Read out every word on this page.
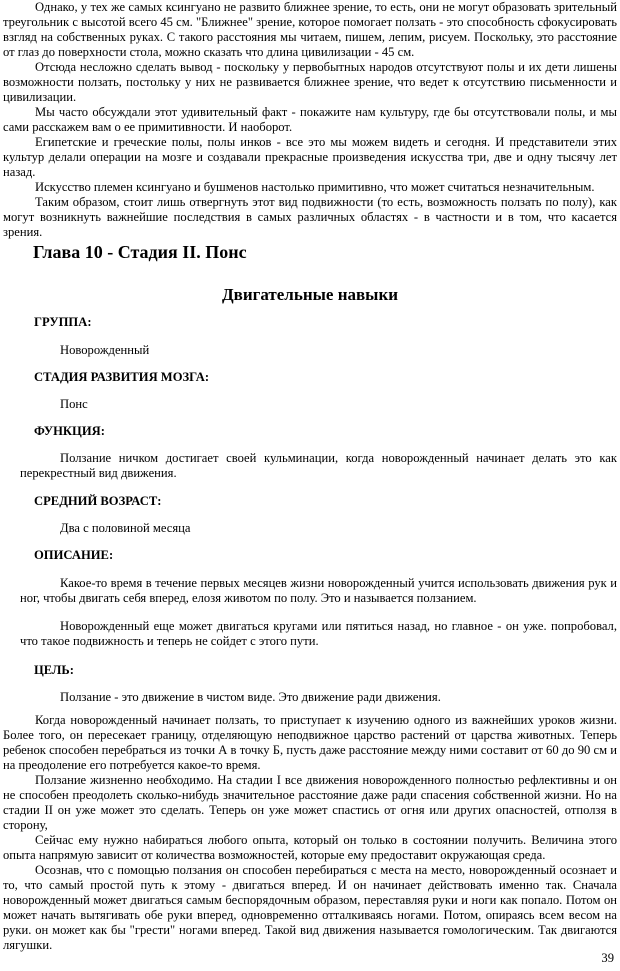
Однако, у тех же самых ксингуано не развито ближнее зрение, то есть, они не могут образовать зрительный треугольник с высотой всего 45 см. "Ближнее" зрение, которое помогает ползать - это способность сфокусировать взгляд на собственных руках. С такого расстояния мы читаем, пишем, лепим, рисуем. Поскольку, это расстояние от глаз до поверхности стола, можно сказать что длина цивилизации - 45 см.

Отсюда несложно сделать вывод - поскольку у первобытных народов отсутствуют полы и их дети лишены возможности ползать, постольку у них не развивается ближнее зрение, что ведет к отсутствию письменности и цивилизации.

Мы часто обсуждали этот удивительный факт - покажите нам культуру, где бы отсутствовали полы, и мы сами расскажем вам о ее примитивности. И наоборот.

Египетские и греческие полы, полы инков - все это мы можем видеть и сегодня. И представители этих культур делали операции на мозге и создавали прекрасные произведения искусства три, две и одну тысячу лет назад.

Искусство племен ксингуано и бушменов настолько примитивно, что может считаться незначительным.

Таким образом, стоит лишь отвергнуть этот вид подвижности (то есть, возможность ползать по полу), как могут возникнуть важнейшие последствия в самых различных областях - в частности и в том, что касается зрения.

Глава 10 - Стадия II. Понс
Двигательные навыки
ГРУППА:
Новорожденный
СТАДИЯ РАЗВИТИЯ МОЗГА:
Понс
ФУНКЦИЯ:

Ползание ничком достигает своей кульминации, когда новорожденный начинает делать это как перекрестный вид движения.

СРЕДНИЙ ВОЗРАСТ:
Два с половиной месяца
ОПИСАНИЕ:

Какое-то время в течение первых месяцев жизни новорожденный учится использовать движения рук и ног, чтобы двигать себя вперед, елозя животом по полу. Это и называется ползанием.

Новорожденный еще может двигаться кругами или пятиться назад, но главное - он уже. попробовал, что такое подвижность и теперь не сойдет с этого пути.

ЦЕЛЬ:

Ползание - это движение в чистом виде. Это движение ради движения.

Когда новорожденный начинает ползать, то приступает к изучению одного из важнейших уроков жизни. Более того, он пересекает границу, отделяющую неподвижное царство растений от царства животных. Теперь ребенок способен перебраться из точки А в точку Б, пусть даже расстояние между ними составит от 60 до 90 см и на преодоление его потребуется какое-то время.

Ползание жизненно необходимо. На стадии I все движения новорожденного полностью рефлективны и он не способен преодолеть сколько-нибудь значительное расстояние даже ради спасения собственной жизни. Но на стадии II он уже может это сделать. Теперь он уже может спастись от огня или других опасностей, отползя в сторону,

Сейчас ему нужно набираться любого опыта, который он только в состоянии получить. Величина этого опыта напрямую зависит от количества возможностей, которые ему предоставит окружающая среда.

Осознав, что с помощью ползания он способен перебираться с места на место, новорожденный осознает и то, что самый простой путь к этому - двигаться вперед. И он начинает действовать именно так. Сначала новорожденный может двигаться самым беспорядочным образом, переставляя руки и ноги как попало. Потом он может начать вытягивать обе руки вперед, одновременно отталкиваясь ногами. Потом, опираясь всем весом на руки. он может как бы "грести" ногами вперед. Такой вид движения называется гомологическим. Так двигаются лягушки.

39
